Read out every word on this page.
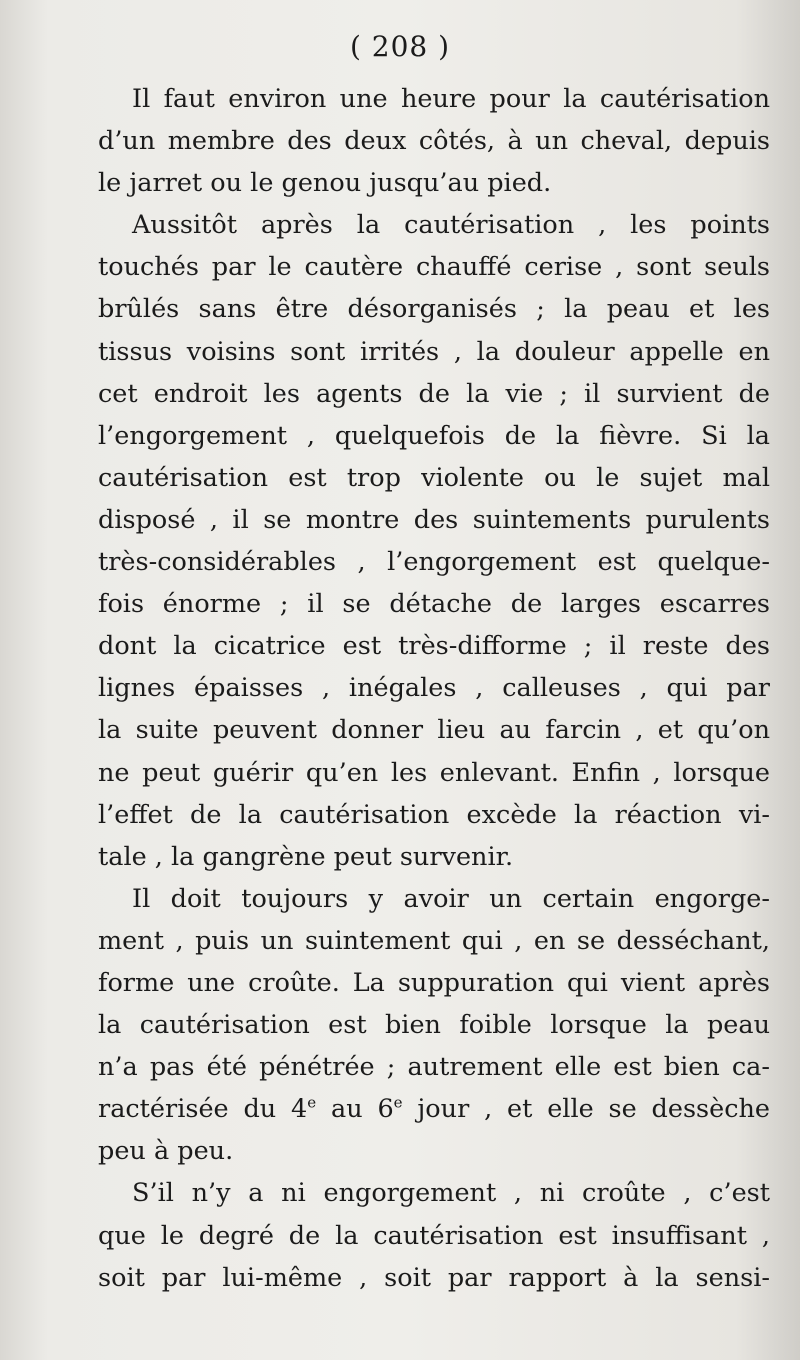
( 208 )
Il faut environ une heure pour la cautérisation
d’un membre des deux côtés, à un cheval, depuis
le jarret ou le genou jusqu’au pied.
Aussitôt après la cautérisation , les points
touchés par le cautère chauffé cerise , sont seuls
brûlés sans être désorganisés ; la peau et les
tissus voisins sont irrités , la douleur appelle en
cet endroit les agents de la vie ; il survient de
l’engorgement , quelquefois de la fièvre. Si la
cautérisation est trop violente ou le sujet mal
disposé , il se montre des suintements purulents
très-considérables , l’engorgement est quelque-
fois énorme ; il se détache de larges escarres
dont la cicatrice est très-difforme ; il reste des
lignes épaisses , inégales , calleuses , qui par
la suite peuvent donner lieu au farcin , et qu’on
ne peut guérir qu’en les enlevant. Enfin , lorsque
l’effet de la cautérisation excède la réaction vi-
tale , la gangrène peut survenir.
Il doit toujours y avoir un certain engorge-
ment , puis un suintement qui , en se desséchant,
forme une croûte. La suppuration qui vient après
la cautérisation est bien foible lorsque la peau
n’a pas été pénétrée ; autrement elle est bien ca-
ractérisée du 4e au 6e jour , et elle se dessèche
peu à peu.
S’il n’y a ni engorgement , ni croûte , c’est
que le degré de la cautérisation est insuffisant ,
soit par lui-même , soit par rapport à la sensi-
